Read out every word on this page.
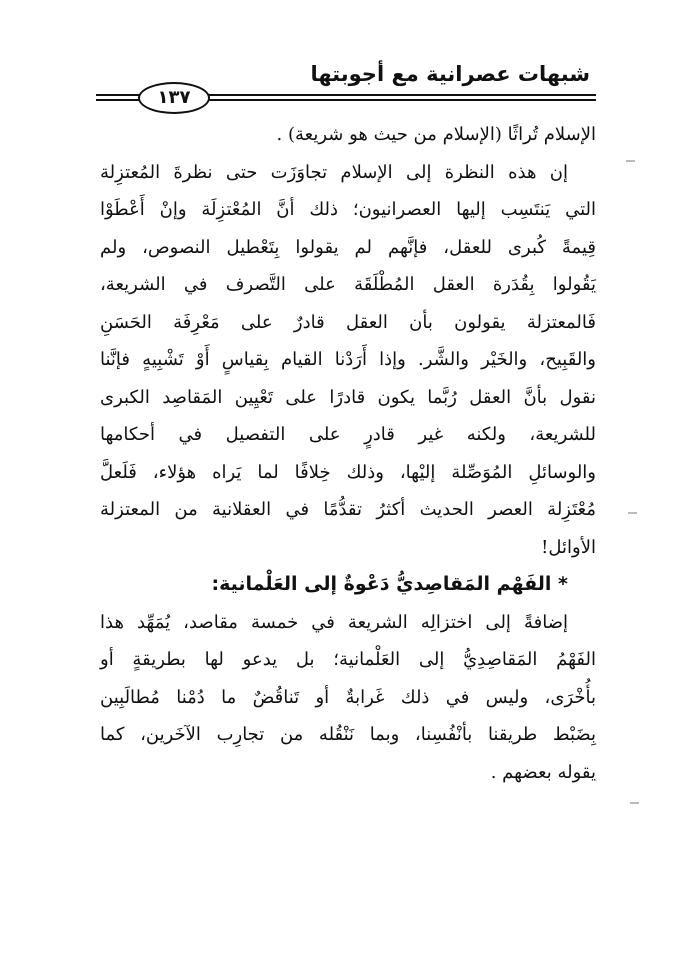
شبهات عصرانية مع أجوبتها
١٣٧
الإسلام تُراثًا (الإسلام من حيث هو شريعة) .
إن هذه النظرة إلى الإسلام تجاوَزَت حتى نظرةَ المُعتزِلة
التي يَنتَسِب إليها العصرانيون؛ ذلك أنَّ المُعْتزِلَة وإنْ أَعْطَوْا
قِيمةً كُبرى للعقل، فإنَّهم لم يقولوا بِتَعْطيل النصوص، ولم
يَقُولوا بِقُدَرة العقل المُطْلَقَة على التَّصرف في الشريعة،
فَالمعتزلة يقولون بأن العقل قادرٌ على مَعْرِفَة الحَسَنِ
والقَبِيح، والخَيْر والشَّر. وإذا أَرَدْنا القيام بِقياسٍ أَوْ تَشْبِيهٍ فإنَّنا
نقول بأنَّ العقل رُبَّما يكون قادرًا على تَعْيِين المَقاصِد الكبرى
للشريعة، ولكنه غير قادرٍ على التفصيل في أحكامها
والوسائلِ المُوَصِّلة إليْها، وذلك خِلافًا لما يَراه هؤلاء، فَلَعلَّ
مُعْتَزِلة العصر الحديث أكثرُ تقدُّمًا في العقلانية من المعتزلة
الأوائل!
* الفَهْم المَقاصِديُّ دَعْوةٌ إلى العَلْمانية:
إضافةً إلى اختزالِه الشريعة في خمسة مقاصد، يُمَهِّد هذا
الفَهْمُ المَقاصِدِيُّ إلى العَلْمانية؛ بل يدعو لها بطريقةٍ أو
بأُخْرَى، وليس في ذلك غَرابةٌ أو تَناقُضٌ ما دُمْنا مُطالَبِين
بِضَبْط طريقنا بأنْفُسِنا، وبما نَنْقُله من تجارِب الآخَرين، كما
يقوله بعضهم .
